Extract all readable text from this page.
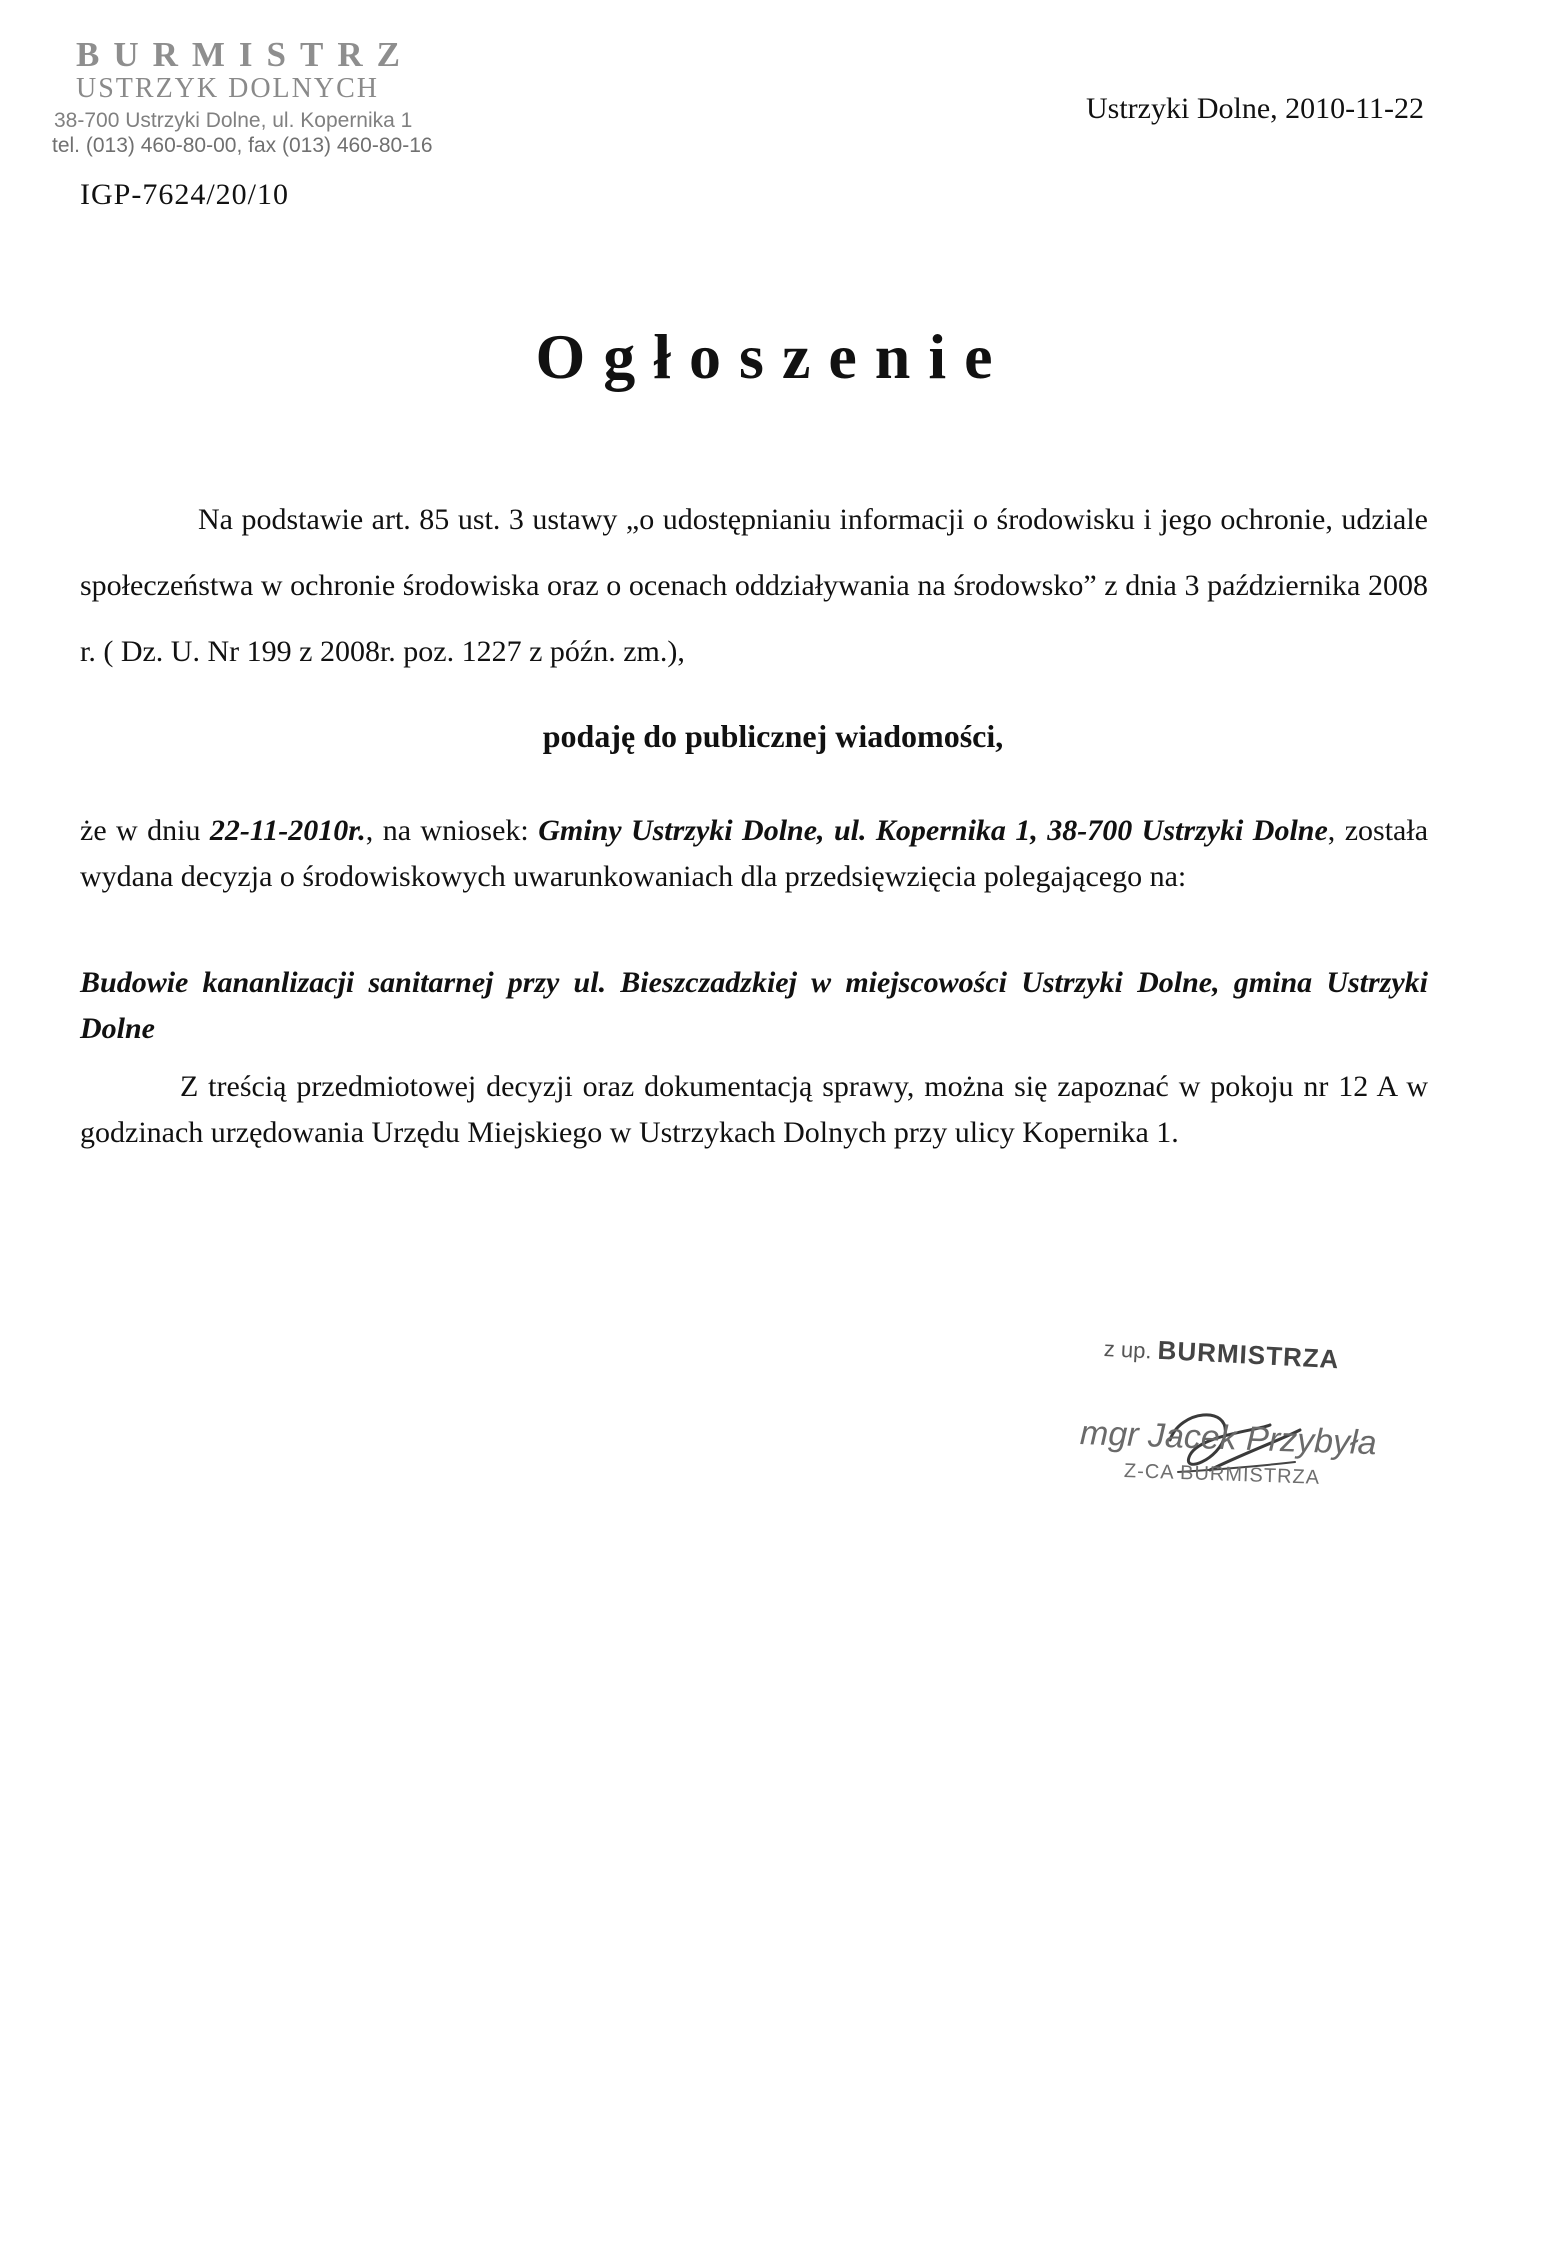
BURMISTRZ
USTRZYK DOLNYCH
38-700 Ustrzyki Dolne, ul. Kopernika 1
tel. (013) 460-80-00, fax (013) 460-80-16
Ustrzyki Dolne, 2010-11-22
IGP-7624/20/10
Ogłoszenie
Na podstawie art. 85 ust. 3 ustawy „o udostępnianiu informacji o środowisku i jego ochronie, udziale społeczeństwa w ochronie środowiska oraz o ocenach oddziaływania na środowsko” z dnia 3 października 2008 r. ( Dz. U. Nr 199 z 2008r. poz. 1227 z późn. zm.),
podaję do publicznej wiadomości,
że w dniu 22-11-2010r., na wniosek: Gminy Ustrzyki Dolne, ul. Kopernika 1, 38-700 Ustrzyki Dolne, została wydana decyzja o środowiskowych uwarunkowaniach dla przedsięwzięcia polegającego na:
Budowie kananlizacji sanitarnej przy ul. Bieszczadzkiej w miejscowości Ustrzyki Dolne, gmina Ustrzyki Dolne
Z treścią przedmiotowej decyzji oraz dokumentacją sprawy, można się zapoznać w pokoju nr 12 A w godzinach urzędowania Urzędu Miejskiego w Ustrzykach Dolnych przy ulicy Kopernika 1.
z up. BURMISTRZA
mgr Jacek Przybyła
Z-CA BURMISTRZA
